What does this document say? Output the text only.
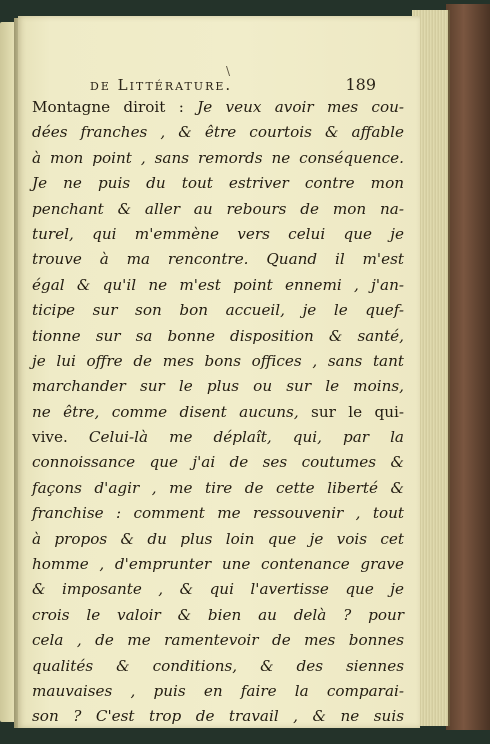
\
de Littérature.	189
Montagne diroit : Je veux avoir mes cou-
dées franches , & être courtois & affable
à mon point , sans remords ne conséquence.
Je ne puis du tout estriver contre mon
penchant & aller au rebours de mon na-
turel, qui m'emmène vers celui que je
trouve à ma rencontre. Quand il m'est
égal & qu'il ne m'est point ennemi , j'an-
ticipe sur son bon accueil, je le quef-
tionne sur sa bonne disposition & santé,
je lui offre de mes bons offices , sans tant
marchander sur le plus ou sur le moins,
ne être, comme disent aucuns, sur le qui-
vive. Celui-là me déplaît, qui, par la
connoissance que j'ai de ses coutumes &
façons d'agir , me tire de cette liberté &
franchise : comment me ressouvenir , tout
à propos & du plus loin que je vois cet
homme , d'emprunter une contenance grave
& imposante , & qui l'avertisse que je
crois le valoir & bien au delà ? pour
cela , de me ramentevoir de mes bonnes
qualités & conditions, & des siennes
mauvaises , puis en faire la comparai-
son ? C'est trop de travail , & ne suis
